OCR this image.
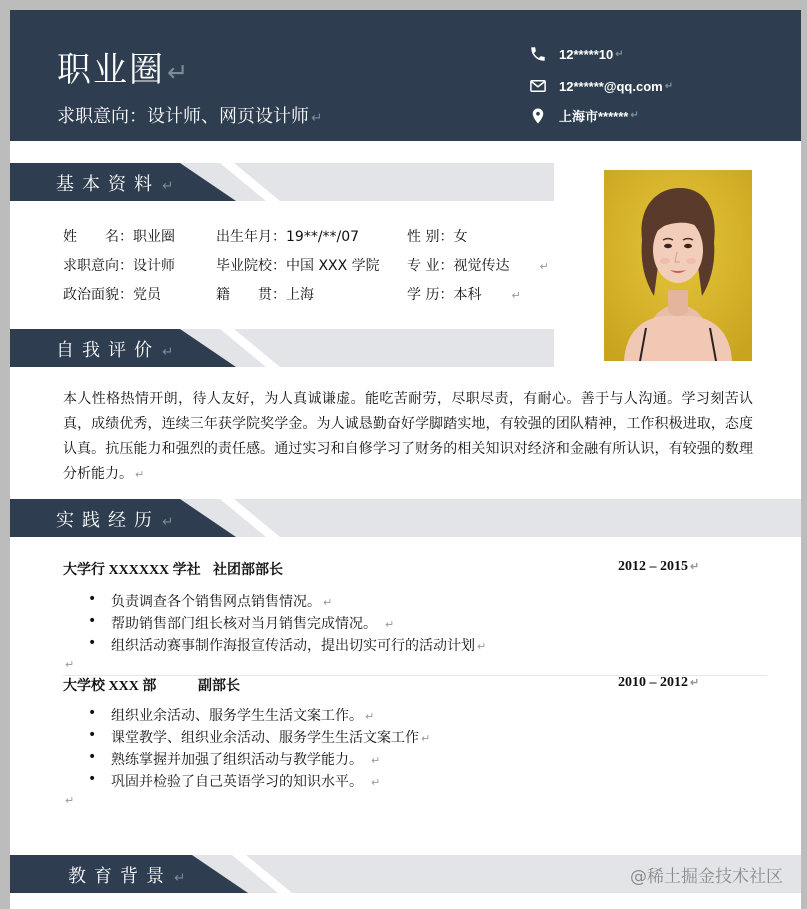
职业圈↵
求职意向：设计师、网页设计师 ↵
12*****10 ↵
12******@qq.com ↵
上海市****** ↵
基本资料 ↵
姓　　名：职业圈	出生年月：19**/**/07	性 别：女
求职意向：设计师	毕业院校：中国 XXX 学院 专 业：视觉传达	↵
政治面貌：党员	籍　　贯：上海	学 历：本科	↵
自我评价 ↵
本人性格热情开朗，待人友好，为人真诚谦虚。能吃苦耐劳，尽职尽责，有耐心。善于与人沟通。学习刻苦认真，成绩优秀，连续三年获学院奖学金。为人诚恳勤奋好学脚踏实地，有较强的团队精神，工作积极进取，态度认真。抗压能力和强烈的责任感。通过实习和自修学习了财务的相关知识对经济和金融有所认识，有较强的数理分析能力。 ↵
实践经历 ↵
大学行 XXXXXX 学社 社团部部长	2012 – 2015 ↵
• 负责调查各个销售网点销售情况。 ↵
• 帮助销售部门组长核对当月销售完成情况。 ↵
• 组织活动赛事制作海报宣传活动，提出切实可行的活动计划 ↵
↵
大学校 XXX 部	副部长	2010 – 2012 ↵
• 组织业余活动、服务学生生活文案工作。 ↵
• 课堂教学、组织业余活动、服务学生生活文案工作 ↵
• 熟练掌握并加强了组织活动与教学能力。 ↵
• 巩固并检验了自己英语学习的知识水平。 ↵
↵
教育背景 ↵	@稀土掘金技术社区
